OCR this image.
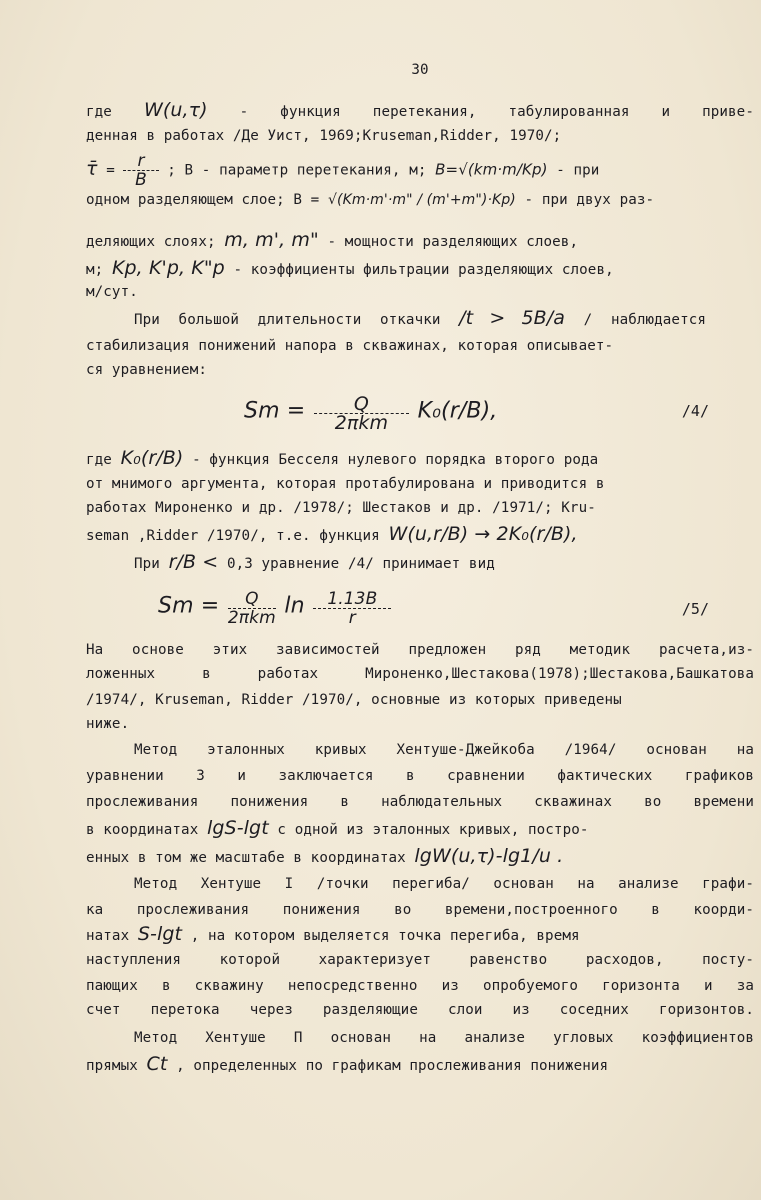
30
где W(u,τ) - функция перетекания, табулированная и приве-
денная в работах /Де Уист, 1969;Kruseman,Ridder, 1970/;
τ̄ = $\frac{r}{B}$ ; B - параметр перетекания, м; B=√(km·m/Kp) - при
одном разделяющем слое; B = √(Km·m'·m" / (m'+m")·Kp) - при двух раз-
деляющих слоях; m, m', m" - мощности разделяющих слоев,
м; Kp, K'p, K"p - коэффициенты фильтрации разделяющих слоев,
м/сут.
При большой длительности откачки /t > 5B/a / наблюдается
стабилизация понижений напора в скважинах, которая описывает-
ся уравнением:
$Sm = \frac{Q}{\text{2πkm}} K_0(r/B)$,	/4/
где K₀(r/B) - функция Бесселя нулевого порядка второго рода
от мнимого аргумента, которая протабулирована и приводится в
работах Мироненко и др. /1978/; Шестаков и др. /1971/; Kru-
seman ,Ridder /1970/, т.е. функция W(u,r/B) → 2K₀(r/B),
При r/B < 0,3 уравнение /4/ принимает вид
$Sm = \frac{Q}{\text{2πkm}}$ $\ln \frac{1.13B}{r}$	/5/
На основе этих зависимостей предложен ряд методик расчета,из-
ложенных в работах Мироненко,Шестакова(1978);Шестакова,Башкатова
/1974/, Kruseman, Ridder /1970/, основные из которых приведены
ниже.
Метод эталонных кривых Хентуше-Джейкоба /1964/ основан на
уравнении 3 и заключается в сравнении фактических графиков
прослеживания понижения в наблюдательных скважинах во времени
в координатах lgS-lgt с одной из эталонных кривых, постро-
енных в том же масштабе в координатах lgW(u,τ)-lg1/u .
Метод Хентуше I /точки перегиба/ основан на анализе графи-
ка прослеживания понижения во времени,построенного в коорди-
натах S-lgt , на котором выделяется точка перегиба, время
наступления которой характеризует равенство расходов, посту-
пающих в скважину непосредственно из опробуемого горизонта и за
счет перетока через разделяющие слои из соседних горизонтов.
Метод Хентуше П основан на анализе угловых коэффициентов
прямых Ct , определенных по графикам прослеживания понижения
